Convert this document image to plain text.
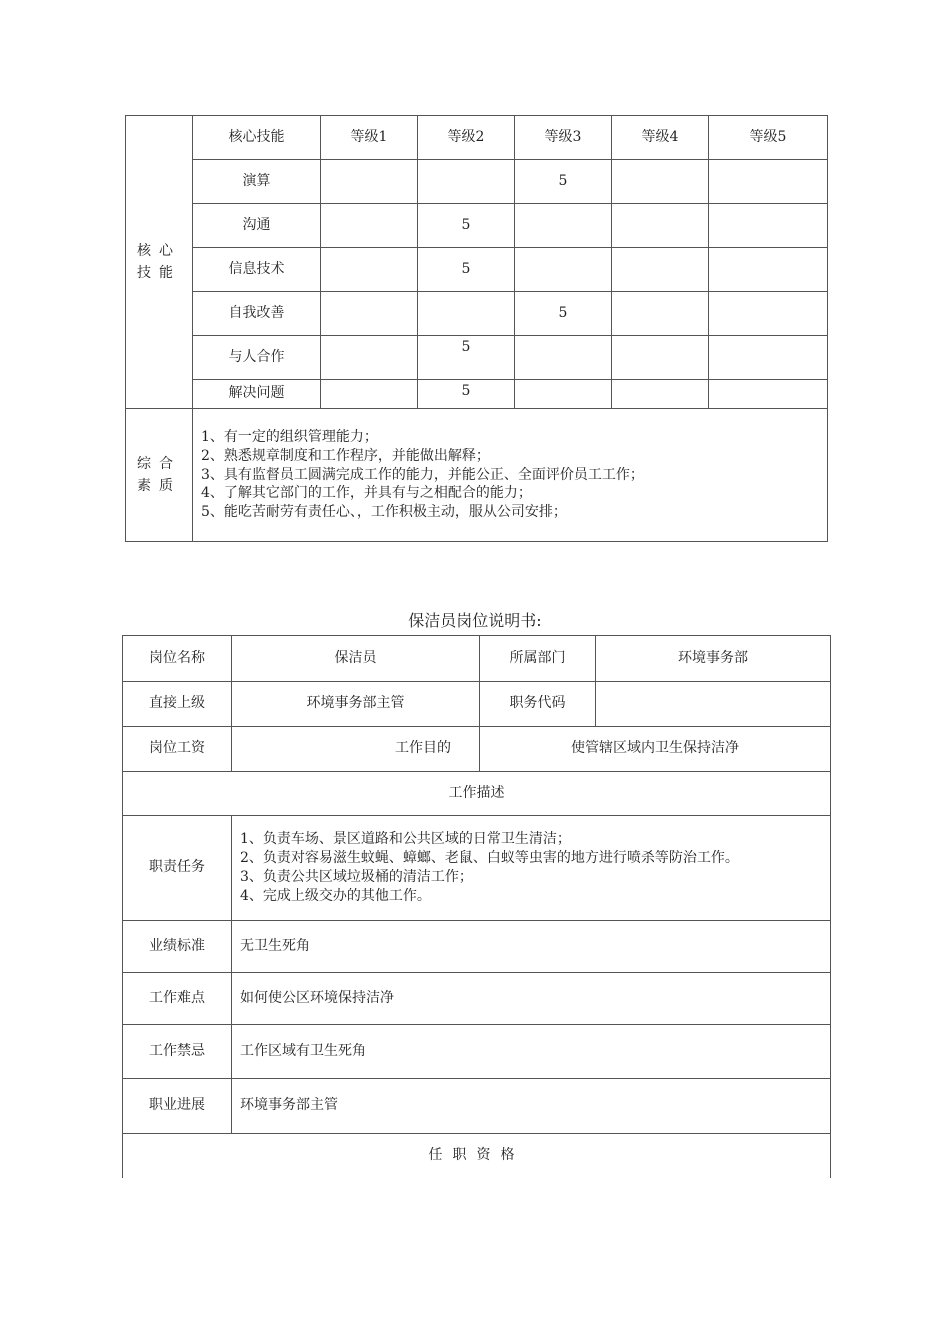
核心技能	核心技能	等级1	等级2	等级3	等级4	等级5
	演算			5		
	沟通		5			
	信息技术		5			
	自我改善			5		
	与人合作		5			
	解决问题		5			
综合素质	1、有一定的组织管理能力；
2、熟悉规章制度和工作程序，并能做出解释；
3、具有监督员工圆满完成工作的能力，并能公正、全面评价员工工作；
4、了解其它部门的工作，并具有与之相配合的能力；
5、能吃苦耐劳有责任心、，工作积极主动，服从公司安排；					
保洁员岗位说明书:
岗位名称	保洁员	所属部门	环境事务部
直接上级	环境事务部主管	职务代码	
岗位工资	工作目的	使管辖区域内卫生保持洁净	
工作描述			
职责任务	1、负责车场、景区道路和公共区域的日常卫生清洁；
2、负责对容易滋生蚊蝇、蟑螂、老鼠、白蚁等虫害的地方进行喷杀等防治工作。
3、负责公共区域垃圾桶的清洁工作；
4、完成上级交办的其他工作。		

业绩标准	无卫生死角		
工作难点	如何使公区环境保持洁净		
工作禁忌	工作区域有卫生死角		
职业进展	环境事务部主管		
任职资格			
